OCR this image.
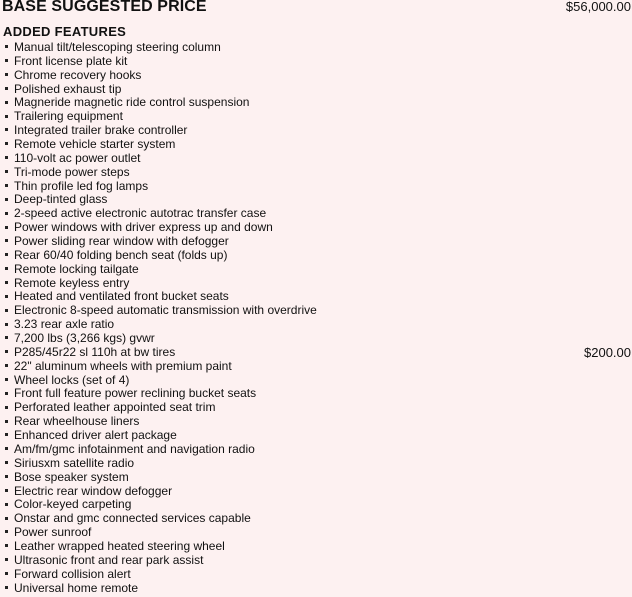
BASE SUGGESTED PRICE	$56,000.00
ADDED FEATURES
Manual tilt/telescoping steering column
Front license plate kit
Chrome recovery hooks
Polished exhaust tip
Magneride magnetic ride control suspension
Trailering equipment
Integrated trailer brake controller
Remote vehicle starter system
110-volt ac power outlet
Tri-mode power steps
Thin profile led fog lamps
Deep-tinted glass
2-speed active electronic autotrac transfer case
Power windows with driver express up and down
Power sliding rear window with defogger
Rear 60/40 folding bench seat (folds up)
Remote locking tailgate
Remote keyless entry
Heated and ventilated front bucket seats
Electronic 8-speed automatic transmission with overdrive
3.23 rear axle ratio
7,200 lbs (3,266 kgs) gvwr
P285/45r22 sl 110h at bw tires	$200.00
22" aluminum wheels with premium paint
Wheel locks (set of 4)
Front full feature power reclining bucket seats
Perforated leather appointed seat trim
Rear wheelhouse liners
Enhanced driver alert package
Am/fm/gmc infotainment and navigation radio
Siriusxm satellite radio
Bose speaker system
Electric rear window defogger
Color-keyed carpeting
Onstar and gmc connected services capable
Power sunroof
Leather wrapped heated steering wheel
Ultrasonic front and rear park assist
Forward collision alert
Universal home remote
